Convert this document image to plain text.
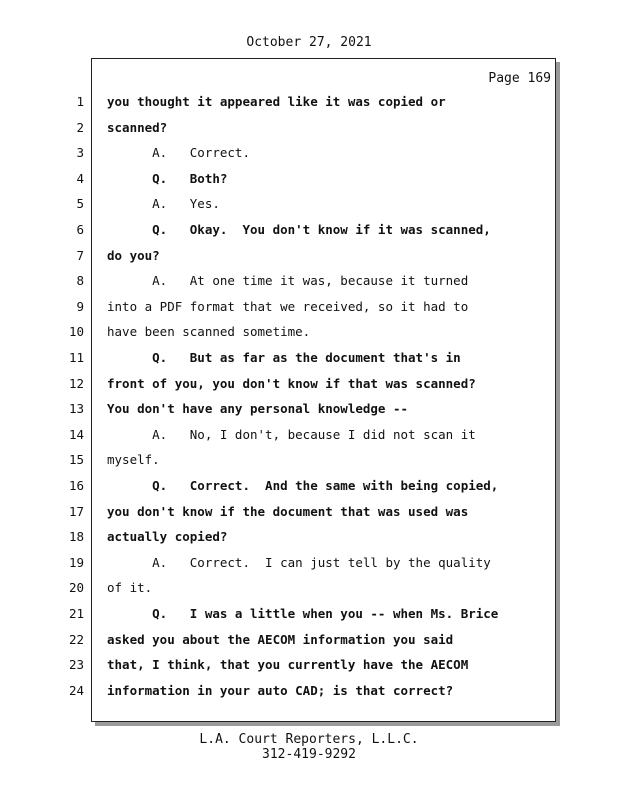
October 27, 2021
Page 169
1 you thought it appeared like it was copied or
2 scanned?
3 A.   Correct.
4 Q.   Both?
5 A.   Yes.
6 Q.   Okay.  You don't know if it was scanned,
7 do you?
8 A.   At one time it was, because it turned
9 into a PDF format that we received, so it had to
10 have been scanned sometime.
11 Q.   But as far as the document that's in
12 front of you, you don't know if that was scanned?
13 You don't have any personal knowledge --
14 A.   No, I don't, because I did not scan it
15 myself.
16 Q.   Correct.  And the same with being copied,
17 you don't know if the document that was used was
18 actually copied?
19 A.   Correct.  I can just tell by the quality
20 of it.
21 Q.   I was a little when you -- when Ms. Brice
22 asked you about the AECOM information you said
23 that, I think, that you currently have the AECOM
24 information in your auto CAD; is that correct?
L.A. Court Reporters, L.L.C.
312-419-9292
